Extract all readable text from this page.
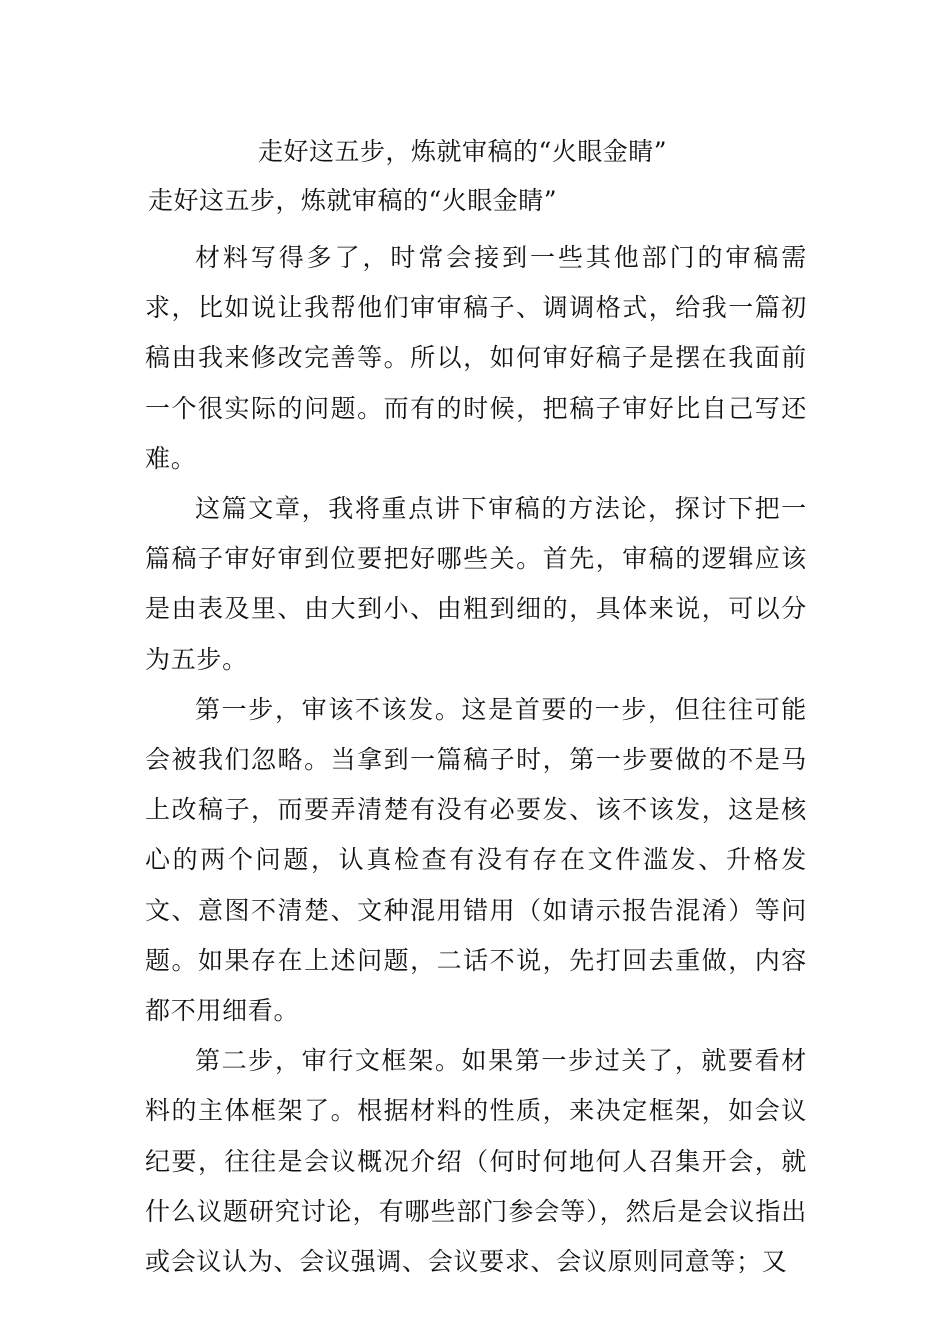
走好这五步，炼就审稿的“火眼金睛”
走好这五步，炼就审稿的“火眼金睛”

材料写得多了，时常会接到一些其他部门的审稿需求，比如说让我帮他们审审稿子、调调格式，给我一篇初稿由我来修改完善等。所以，如何审好稿子是摆在我面前一个很实际的问题。而有的时候，把稿子审好比自己写还难。

这篇文章，我将重点讲下审稿的方法论，探讨下把一篇稿子审好审到位要把好哪些关。首先，审稿的逻辑应该是由表及里、由大到小、由粗到细的，具体来说，可以分为五步。

第一步，审该不该发。这是首要的一步，但往往可能会被我们忽略。当拿到一篇稿子时，第一步要做的不是马上改稿子，而要弄清楚有没有必要发、该不该发，这是核心的两个问题，认真检查有没有存在文件滥发、升格发文、意图不清楚、文种混用错用（如请示报告混淆）等问题。如果存在上述问题，二话不说，先打回去重做，内容都不用细看。

第二步，审行文框架。如果第一步过关了，就要看材料的主体框架了。根据材料的性质，来决定框架，如会议纪要，往往是会议概况介绍（何时何地何人召集开会，就什么议题研究讨论，有哪些部门参会等），然后是会议指出或会议认为、会议强调、会议要求、会议原则同意等；又
